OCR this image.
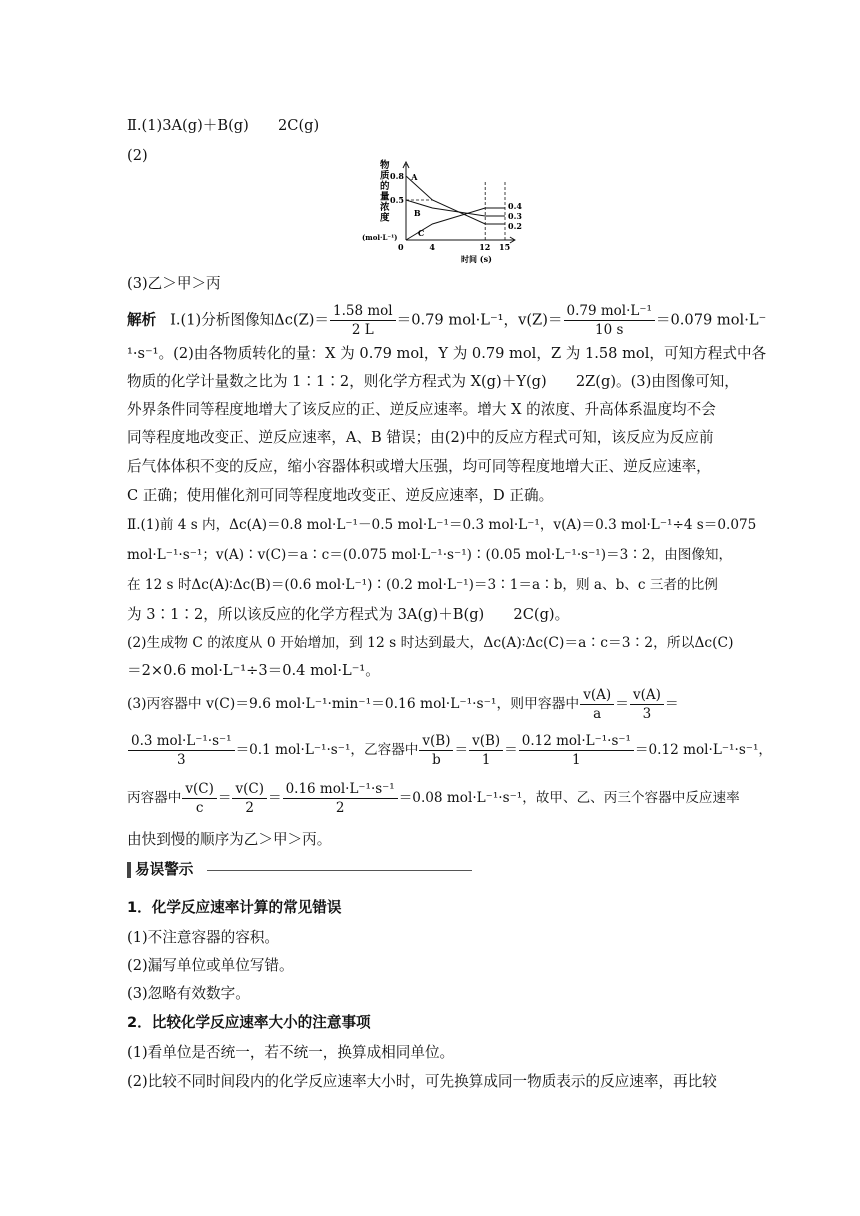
Ⅱ.(1)3A(g)＋B(g)　　2C(g)
(2)
物
质
的
量
浓
度
(mol·L⁻¹)
0.8
0.5
0	4	12 15
0.4
0.3
0.2
A
B
C
时间 (s)
(3)乙＞甲＞丙
解析 Ⅰ.(1)分析图像知$\Delta c(Z)= \frac{\text{1.58 mol}}{2 L} =0.79$ mol·L⁻¹，$v(Z)= \frac{\text{0.79 mol·L⁻¹}}{10 s} =0.079$ mol·L⁻
¹·s⁻¹。(2)由各物质转化的量：X 为 0.79 mol，Y 为 0.79 mol，Z 为 1.58 mol，可知方程式中各
物质的化学计量数之比为 1∶1∶2，则化学方程式为 X(g)＋Y(g)　　2Z(g)。(3)由图像可知，
外界条件同等程度地增大了该反应的正、逆反应速率。增大 X 的浓度、升高体系温度均不会
同等程度地改变正、逆反应速率，A、B 错误；由(2)中的反应方程式可知，该反应为反应前
后气体体积不变的反应，缩小容器体积或增大压强，均可同等程度地增大正、逆反应速率，
C 正确；使用催化剂可同等程度地改变正、逆反应速率，D 正确。
Ⅱ.(1)前 4 s 内，Δc(A)＝0.8 mol·L⁻¹－0.5 mol·L⁻¹＝0.3 mol·L⁻¹，v(A)＝0.3 mol·L⁻¹÷4 s＝0.075
mol·L⁻¹·s⁻¹；v(A)∶v(C)＝a∶c＝(0.075 mol·L⁻¹·s⁻¹)∶(0.05 mol·L⁻¹·s⁻¹)＝3∶2，由图像知，
在 12 s 时Δc(A)∶Δc(B)＝(0.6 mol·L⁻¹)∶(0.2 mol·L⁻¹)＝3∶1＝a∶b，则 a、b、c 三者的比例
为 3∶1∶2，所以该反应的化学方程式为 3A(g)＋B(g)　　2C(g)。
(2)生成物 C 的浓度从 0 开始增加，到 12 s 时达到最大，Δc(A)∶Δc(C)＝a∶c＝3∶2，所以Δc(C)
＝2×0.6 mol·L⁻¹÷3＝0.4 mol·L⁻¹。
(3)丙容器中 v(C)＝9.6 mol·L⁻¹·min⁻¹＝0.16 mol·L⁻¹·s⁻¹，则甲容器中 $\frac{v(A)}{a} = \frac{v(A)}{3}$ ＝
$\frac{\text{0.3 mol·L⁻¹·s⁻¹}}{3} =0.1$ mol·L⁻¹·s⁻¹，乙容器中 $\frac{v(B)}{b} = \frac{v(B)}{1} = \frac{\text{0.12 mol·L⁻¹·s⁻¹}}{1} =0.12$ mol·L⁻¹·s⁻¹，
丙容器中 $\frac{v(C)}{c} = \frac{v(C)}{2} = \frac{\text{0.16 mol·L⁻¹·s⁻¹}}{2} =0.08$ mol·L⁻¹·s⁻¹，故甲、乙、丙三个容器中反应速率
由快到慢的顺序为乙＞甲＞丙。
易误警示
1．化学反应速率计算的常见错误
(1)不注意容器的容积。
(2)漏写单位或单位写错。
(3)忽略有效数字。
2．比较化学反应速率大小的注意事项
(1)看单位是否统一，若不统一，换算成相同单位。
(2)比较不同时间段内的化学反应速率大小时，可先换算成同一物质表示的反应速率，再比较
